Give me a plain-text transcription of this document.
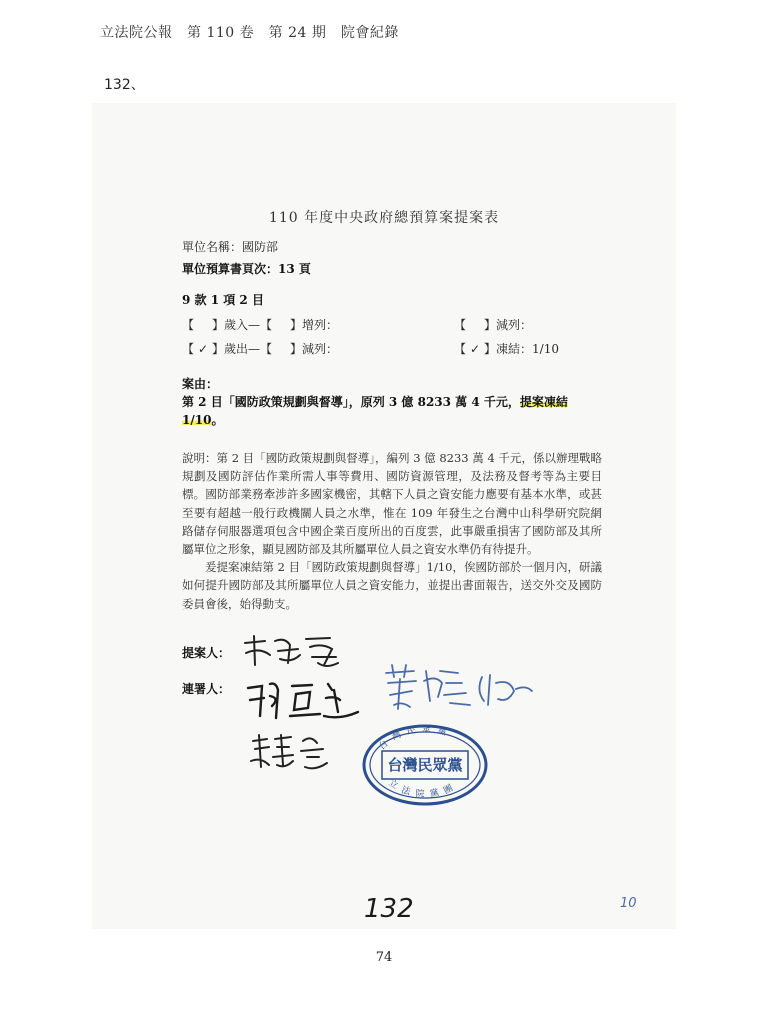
立法院公報　第 110 卷　第 24 期　院會紀錄
132、
110 年度中央政府總預算案提案表
單位名稱：國防部
單位預算書頁次：13 頁
9 款 1 項 2 目
【 】歲入—【 】增列：	【 】減列：
【 ✓ 】歲出—【 】減列：	【 ✓ 】凍結：1/10
案由：
第 2 目「國防政策規劃與督導」，原列 3 億 8233 萬 4 千元，提案凍結
1/10。

說明：第 2 目「國防政策規劃與督導」，編列 3 億 8233 萬 4 千元，係以辦理戰略規劃及國防評估作業所需人事等費用、國防資源管理，及法務及督考等為主要目標。國防部業務牽涉許多國家機密，其轄下人員之資安能力應要有基本水準，或甚至要有超越一般行政機關人員之水準，惟在 109 年發生之台灣中山科學研究院網路儲存伺服器選項包含中國企業百度所出的百度雲，此事嚴重損害了國防部及其所屬單位之形象，顯見國防部及其所屬單位人員之資安水準仍有待提升。

爰提案凍結第 2 目「國防政策規劃與督導」1/10，俟國防部於一個月內，研議如何提升國防部及其所屬單位人員之資安能力，並提出書面報告，送交外交及國防委員會後，始得動支。

提案人：
連署人：
台灣民眾黨
台灣民眾黨
立法院黨團
132	10
74
